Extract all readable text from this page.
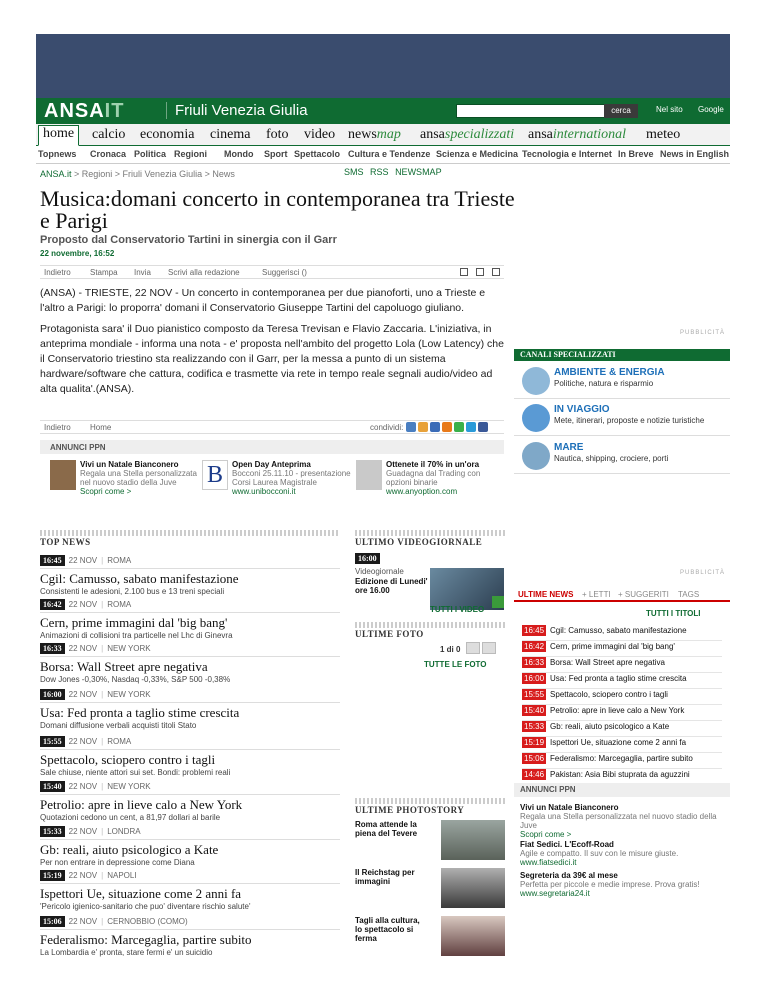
ANSAIT	Friuli Venezia Giulia	cerca	Nel sito Google
home	calcio economia cinema foto video newsmap ansaspecializzati ansainternational meteo
Topnews Cronaca Politica Regioni Mondo Sport Spettacolo Cultura e Tendenze Scienza e Medicina Tecnologia e Internet In Breve News in English
ANSA.it > Regioni > Friuli Venezia Giulia > News	SMS RSS NEWSMAP
Musica:domani concerto in contemporanea tra Trieste e Parigi
Proposto dal Conservatorio Tartini in sinergia con il Garr
22 novembre, 16:52
Indietro Stampa Invia Scrivi alla redazione	Suggerisci ()
(ANSA) - TRIESTE, 22 NOV - Un concerto in contemporanea per due pianoforti, uno a Trieste e l'altro a Parigi: lo proporra' domani il Conservatorio Giuseppe Tartini del capoluogo giuliano.
Protagonista sara' il Duo pianistico composto da Teresa Trevisan e Flavio Zaccaria. L'iniziativa, in anteprima mondiale - informa una nota - e' proposta nell'ambito del progetto Lola (Low Latency) che il Conservatorio triestino sta realizzando con il Garr, per la messa a punto di un sistema hardware/software che cattura, codifica e trasmette via rete in tempo reale segnali audio/video ad alta qualita'.(ANSA).
Indietro Home	condividi:
ANNUNCI PPN
Vivi un Natale Bianconero
Regala una Stella personalizzata nel nuovo stadio della Juve
Scopri come >
B	Open Day Anteprima
Bocconi 25.11.10 - presentazione Corsi Laurea Magistrale
www.unibocconi.it
Ottenete il 70% in un'ora
Guadagna dal Trading con opzioni binarie
www.anyoption.com
TOP NEWS
16:45 22 NOV | ROMA
Cgil: Camusso, sabato manifestazione
Consistenti le adesioni, 2.100 bus e 13 treni speciali
16:42 22 NOV | ROMA
Cern, prime immagini dal 'big bang'
Animazioni di collisioni tra particelle nel Lhc di Ginevra
16:33 22 NOV | NEW YORK
Borsa: Wall Street apre negativa
Dow Jones -0,30%, Nasdaq -0,33%, S&P 500 -0,38%
16:00 22 NOV | NEW YORK
Usa: Fed pronta a taglio stime crescita
Domani diffusione verbali acquisti titoli Stato
15:55 22 NOV | ROMA
Spettacolo, sciopero contro i tagli
Sale chiuse, niente attori sui set. Bondi: problemi reali
15:40 22 NOV | NEW YORK
Petrolio: apre in lieve calo a New York
Quotazioni cedono un cent, a 81,97 dollari al barile
15:33 22 NOV | LONDRA
Gb: reali, aiuto psicologico a Kate
Per non entrare in depressione come Diana
15:19 22 NOV | NAPOLI
Ispettori Ue, situazione come 2 anni fa
'Pericolo igienico-sanitario che puo' diventare rischio salute'
15:06 22 NOV | CERNOBBIO (COMO)
Federalismo: Marcegaglia, partire subito
La Lombardia e' pronta, stare fermi e' un suicidio
ULTIMO VIDEOGIORNALE
16:00
Videogiornale
Edizione di Lunedi' ore 16.00
TUTTI I VIDEO
ULTIME FOTO
1 di 0
TUTTE LE FOTO
ULTIME PHOTOSTORY
Roma attende la piena del Tevere
Il Reichstag per immagini
Tagli alla cultura, lo spettacolo si ferma
PUBBLICITÀ
CANALI SPECIALIZZATI
AMBIENTE & ENERGIA
Politiche, natura e risparmio
IN VIAGGIO
Mete, itinerari, proposte e notizie turistiche
MARE
Nautica, shipping, crociere, porti
PUBBLICITÀ
ULTIME NEWS + LETTI + SUGGERITI TAGS
TUTTI I TITOLI
16:45 Cgil: Camusso, sabato manifestazione
16:42 Cern, prime immagini dal 'big bang'
16:33 Borsa: Wall Street apre negativa
16:00 Usa: Fed pronta a taglio stime crescita
15:55 Spettacolo, sciopero contro i tagli
15:40 Petrolio: apre in lieve calo a New York
15:33 Gb: reali, aiuto psicologico a Kate
15:19 Ispettori Ue, situazione come 2 anni fa
15:06 Federalismo: Marcegaglia, partire subito
14:46 Pakistan: Asia Bibi stuprata da aguzzini
ANNUNCI PPN
Vivi un Natale Bianconero
Regala una Stella personalizzata nel nuovo stadio della Juve
Scopri come >
Fiat Sedici. L'Ecoff-Road
Agile e compatto. Il suv con le misure giuste.
www.fiatsedici.it
Segreteria da 39€ al mese
Perfetta per piccole e medie imprese. Prova gratis!
www.segretaria24.it
